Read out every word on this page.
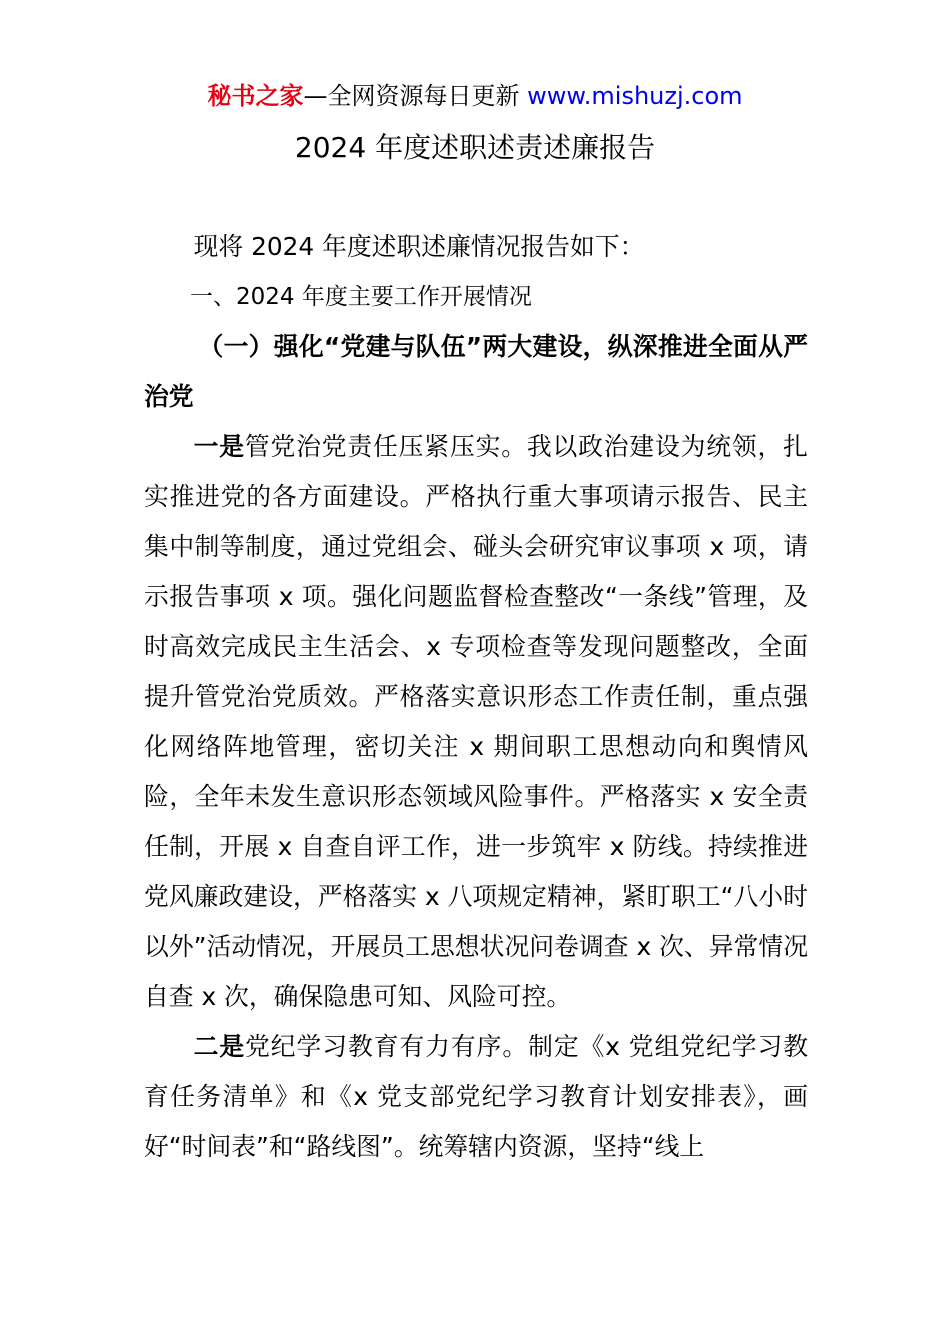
秘书之家—全网资源每日更新 www.mishuzj.com
2024 年度述职述责述廉报告

现将 2024 年度述职述廉情况报告如下：

一、2024 年度主要工作开展情况

（一）强化“党建与队伍”两大建设，纵深推进全面从严治党

一是管党治党责任压紧压实。我以政治建设为统领，扎实推进党的各方面建设。严格执行重大事项请示报告、民主集中制等制度，通过党组会、碰头会研究审议事项 x 项，请示报告事项 x 项。强化问题监督检查整改“一条线”管理，及时高效完成民主生活会、x 专项检查等发现问题整改，全面提升管党治党质效。严格落实意识形态工作责任制，重点强化网络阵地管理，密切关注 x 期间职工思想动向和舆情风险，全年未发生意识形态领域风险事件。严格落实 x 安全责任制，开展 x 自查自评工作，进一步筑牢 x 防线。持续推进党风廉政建设，严格落实 x 八项规定精神，紧盯职工“八小时以外”活动情况，开展员工思想状况问卷调查 x 次、异常情况自查 x 次，确保隐患可知、风险可控。

二是党纪学习教育有力有序。制定《x 党组党纪学习教育任务清单》和《x 党支部党纪学习教育计划安排表》，画好“时间表”和“路线图”。统筹辖内资源，坚持“线上
